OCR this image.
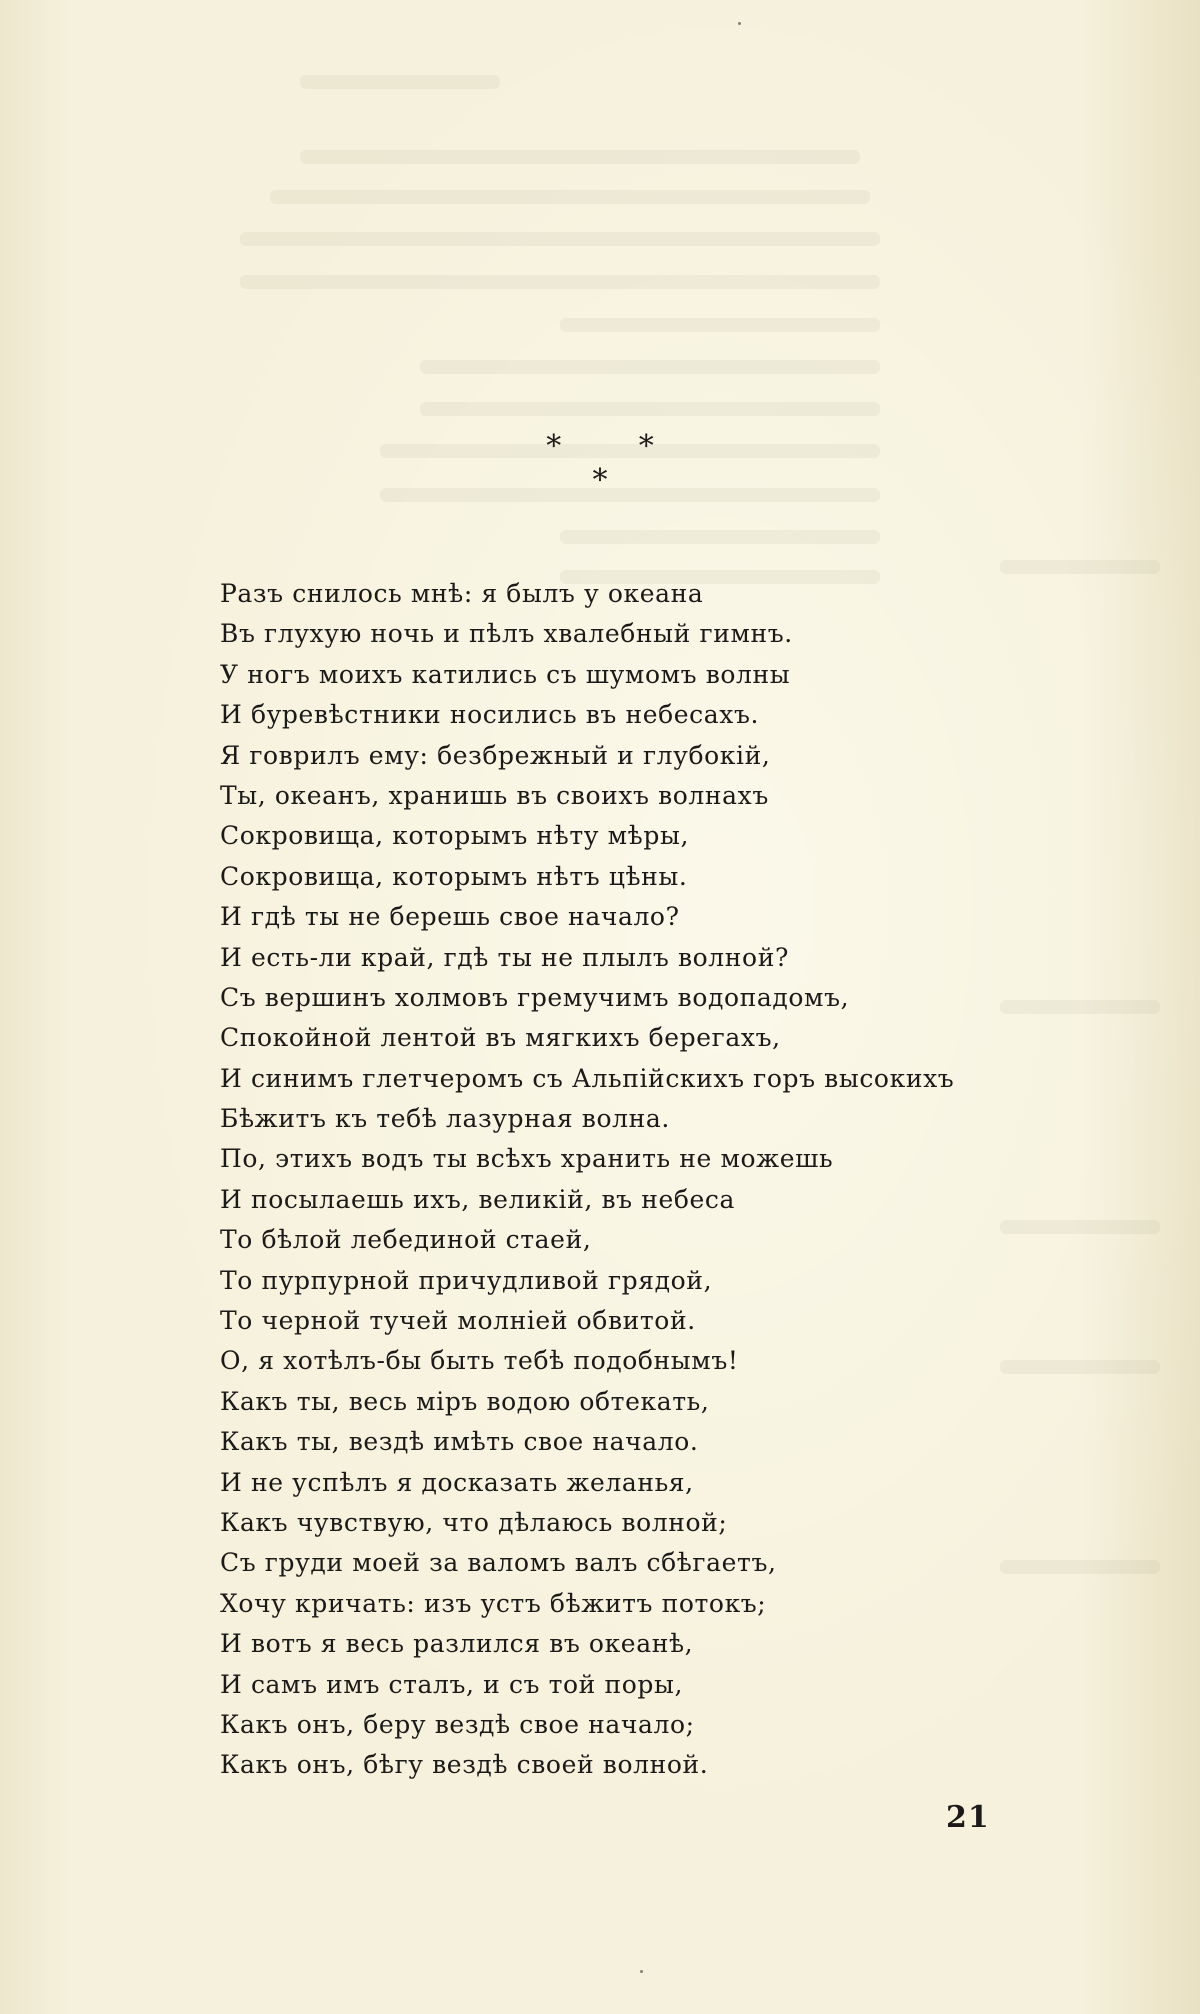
*	*
*
Разъ снилось мнѣ: я былъ у океана
Въ глухую ночь и пѣлъ хвалебный гимнъ.
У ногъ моихъ катились съ шумомъ волны
И буревѣстники носились въ небесахъ.
Я говрилъ ему: безбрежный и глубокій,
Ты, океанъ, хранишь въ своихъ волнахъ
Сокровища, которымъ нѣту мѣры,
Сокровища, которымъ нѣтъ цѣны.
И гдѣ ты не берешь свое начало?
И есть-ли край, гдѣ ты не плылъ волной?
Съ вершинъ холмовъ гремучимъ водопадомъ,
Спокойной лентой въ мягкихъ берегахъ,
И синимъ глетчеромъ съ Альпійскихъ горъ высокихъ
Бѣжитъ къ тебѣ лазурная волна.
По, этихъ водъ ты всѣхъ хранить не можешь
И посылаешь ихъ, великій, въ небеса
То бѣлой лебединой стаей,
То пурпурной причудливой грядой,
То черной тучей молніей обвитой.
О, я хотѣлъ-бы быть тебѣ подобнымъ!
Какъ ты, весь міръ водою обтекать,
Какъ ты, вездѣ имѣть свое начало.
И не успѣлъ я досказать желанья,
Какъ чувствую, что дѣлаюсь волной;
Съ груди моей за валомъ валъ сбѣгаетъ,
Хочу кричать: изъ устъ бѣжитъ потокъ;
И вотъ я весь разлился въ океанѣ,
И самъ имъ сталъ, и съ той поры,
Какъ онъ, беру вездѣ свое начало;
Какъ онъ, бѣгу вездѣ своей волной.
21
